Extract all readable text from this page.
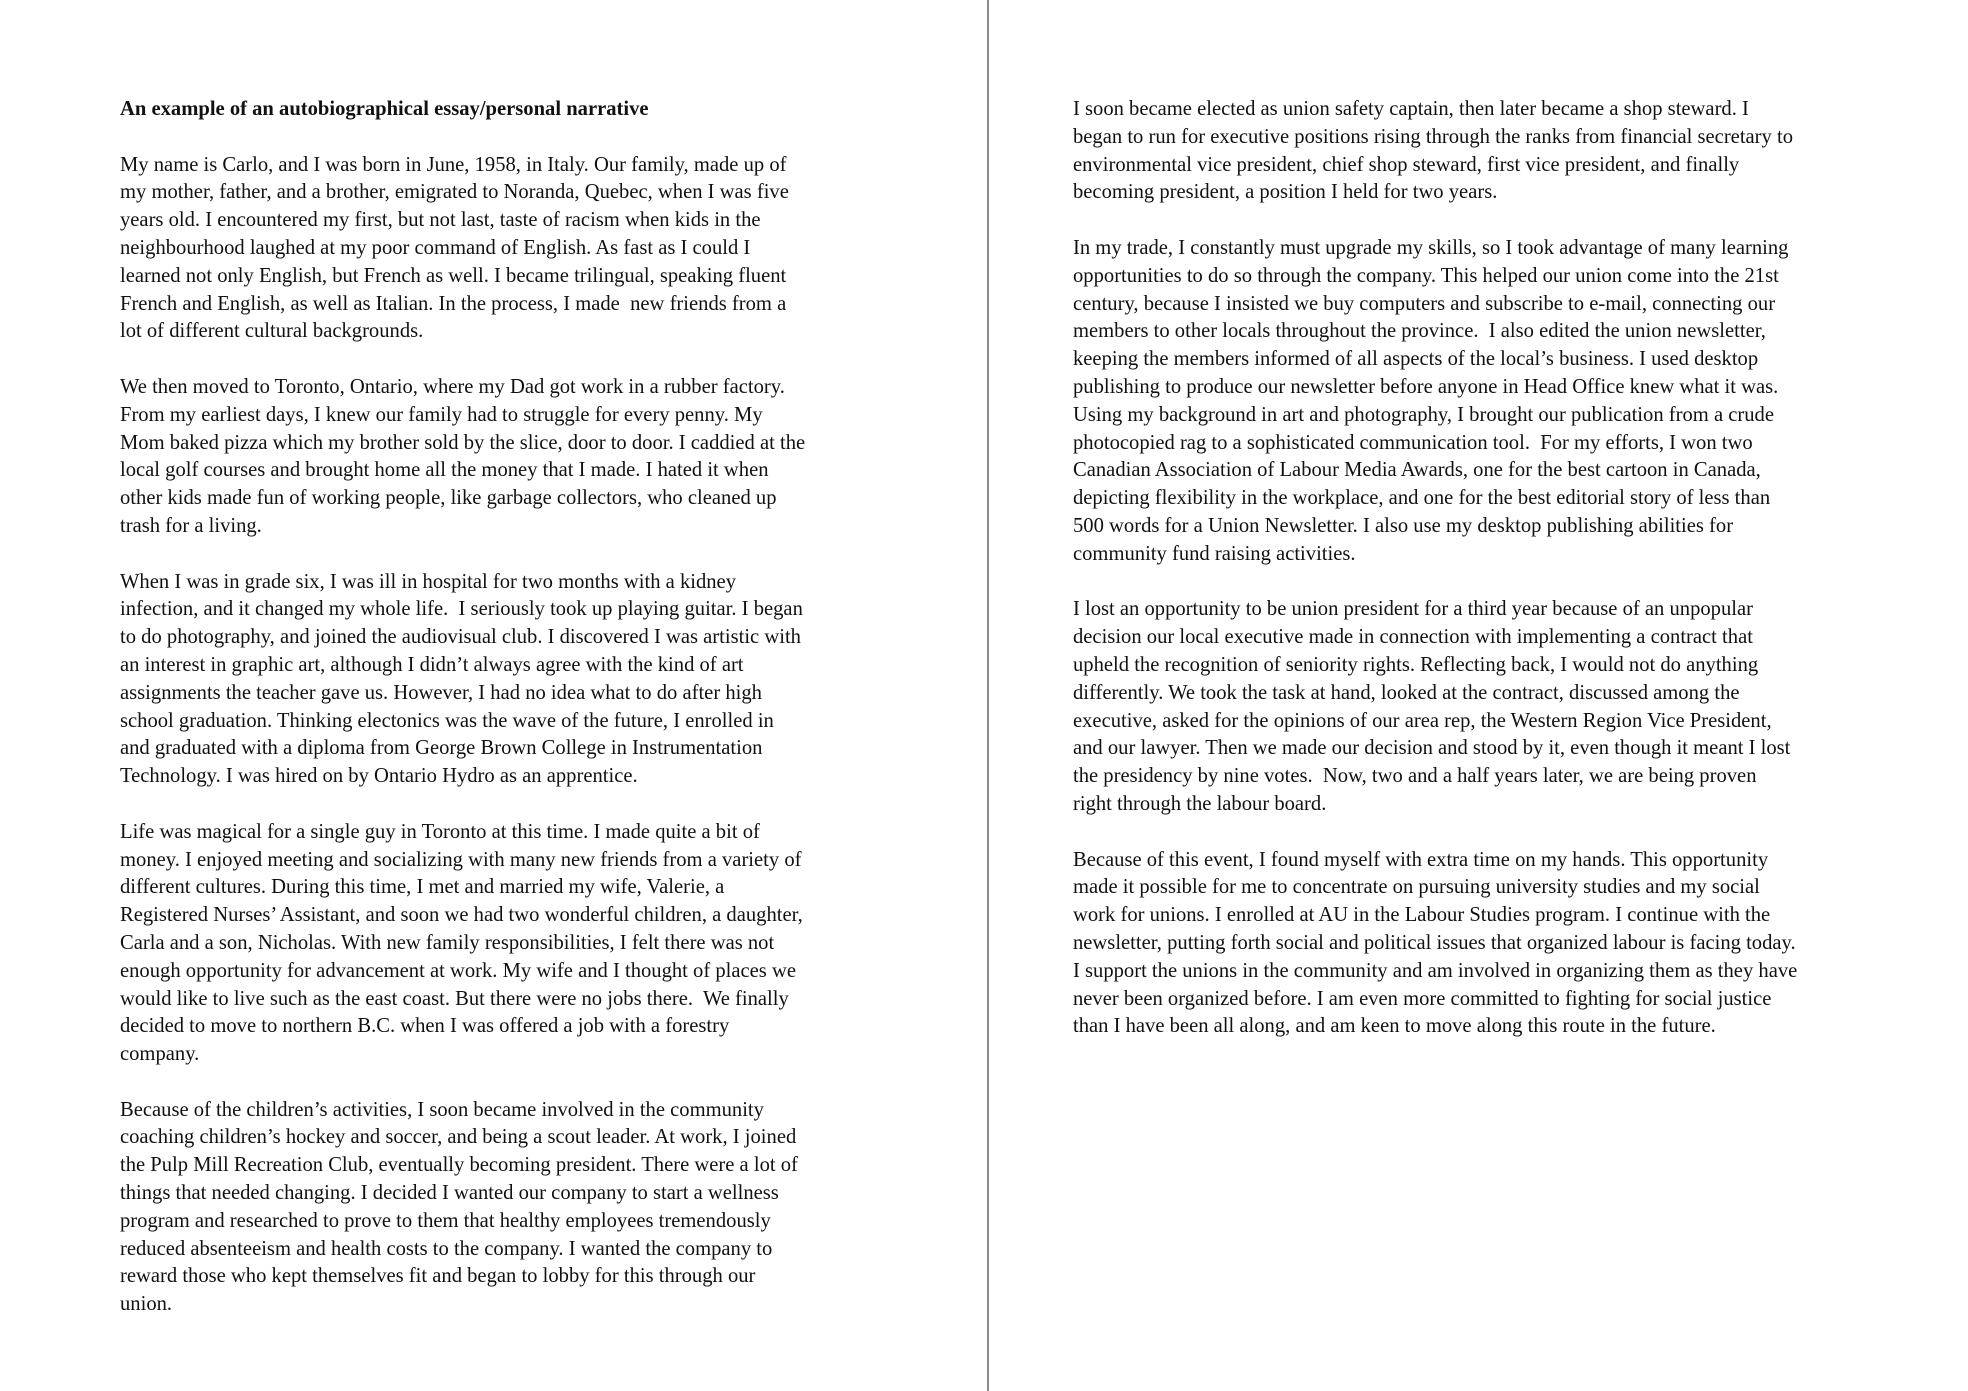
An example of an autobiographical essay/personal narrative
My name is Carlo, and I was born in June, 1958, in Italy. Our family, made up of
my mother, father, and a brother, emigrated to Noranda, Quebec, when I was five
years old. I encountered my first, but not last, taste of racism when kids in the
neighbourhood laughed at my poor command of English. As fast as I could I
learned not only English, but French as well. I became trilingual, speaking fluent
French and English, as well as Italian. In the process, I made  new friends from a
lot of different cultural backgrounds.
We then moved to Toronto, Ontario, where my Dad got work in a rubber factory.
From my earliest days, I knew our family had to struggle for every penny. My
Mom baked pizza which my brother sold by the slice, door to door. I caddied at the
local golf courses and brought home all the money that I made. I hated it when
other kids made fun of working people, like garbage collectors, who cleaned up
trash for a living.
When I was in grade six, I was ill in hospital for two months with a kidney
infection, and it changed my whole life.  I seriously took up playing guitar. I began
to do photography, and joined the audiovisual club. I discovered I was artistic with
an interest in graphic art, although I didn’t always agree with the kind of art
assignments the teacher gave us. However, I had no idea what to do after high
school graduation. Thinking electonics was the wave of the future, I enrolled in
and graduated with a diploma from George Brown College in Instrumentation
Technology. I was hired on by Ontario Hydro as an apprentice.
Life was magical for a single guy in Toronto at this time. I made quite a bit of
money. I enjoyed meeting and socializing with many new friends from a variety of
different cultures. During this time, I met and married my wife, Valerie, a
Registered Nurses’ Assistant, and soon we had two wonderful children, a daughter,
Carla and a son, Nicholas. With new family responsibilities, I felt there was not
enough opportunity for advancement at work. My wife and I thought of places we
would like to live such as the east coast. But there were no jobs there.  We finally
decided to move to northern B.C. when I was offered a job with a forestry
company.
Because of the children’s activities, I soon became involved in the community
coaching children’s hockey and soccer, and being a scout leader. At work, I joined
the Pulp Mill Recreation Club, eventually becoming president. There were a lot of
things that needed changing. I decided I wanted our company to start a wellness
program and researched to prove to them that healthy employees tremendously
reduced absenteeism and health costs to the company. I wanted the company to
reward those who kept themselves fit and began to lobby for this through our
union.
I soon became elected as union safety captain, then later became a shop steward. I
began to run for executive positions rising through the ranks from financial secretary to
environmental vice president, chief shop steward, first vice president, and finally
becoming president, a position I held for two years.
In my trade, I constantly must upgrade my skills, so I took advantage of many learning
opportunities to do so through the company. This helped our union come into the 21st
century, because I insisted we buy computers and subscribe to e-mail, connecting our
members to other locals throughout the province.  I also edited the union newsletter,
keeping the members informed of all aspects of the local’s business. I used desktop
publishing to produce our newsletter before anyone in Head Office knew what it was.
Using my background in art and photography, I brought our publication from a crude
photocopied rag to a sophisticated communication tool.  For my efforts, I won two
Canadian Association of Labour Media Awards, one for the best cartoon in Canada,
depicting flexibility in the workplace, and one for the best editorial story of less than
500 words for a Union Newsletter. I also use my desktop publishing abilities for
community fund raising activities.
I lost an opportunity to be union president for a third year because of an unpopular
decision our local executive made in connection with implementing a contract that
upheld the recognition of seniority rights. Reflecting back, I would not do anything
differently. We took the task at hand, looked at the contract, discussed among the
executive, asked for the opinions of our area rep, the Western Region Vice President,
and our lawyer. Then we made our decision and stood by it, even though it meant I lost
the presidency by nine votes.  Now, two and a half years later, we are being proven
right through the labour board.
Because of this event, I found myself with extra time on my hands. This opportunity
made it possible for me to concentrate on pursuing university studies and my social
work for unions. I enrolled at AU in the Labour Studies program. I continue with the
newsletter, putting forth social and political issues that organized labour is facing today.
I support the unions in the community and am involved in organizing them as they have
never been organized before. I am even more committed to fighting for social justice
than I have been all along, and am keen to move along this route in the future.
